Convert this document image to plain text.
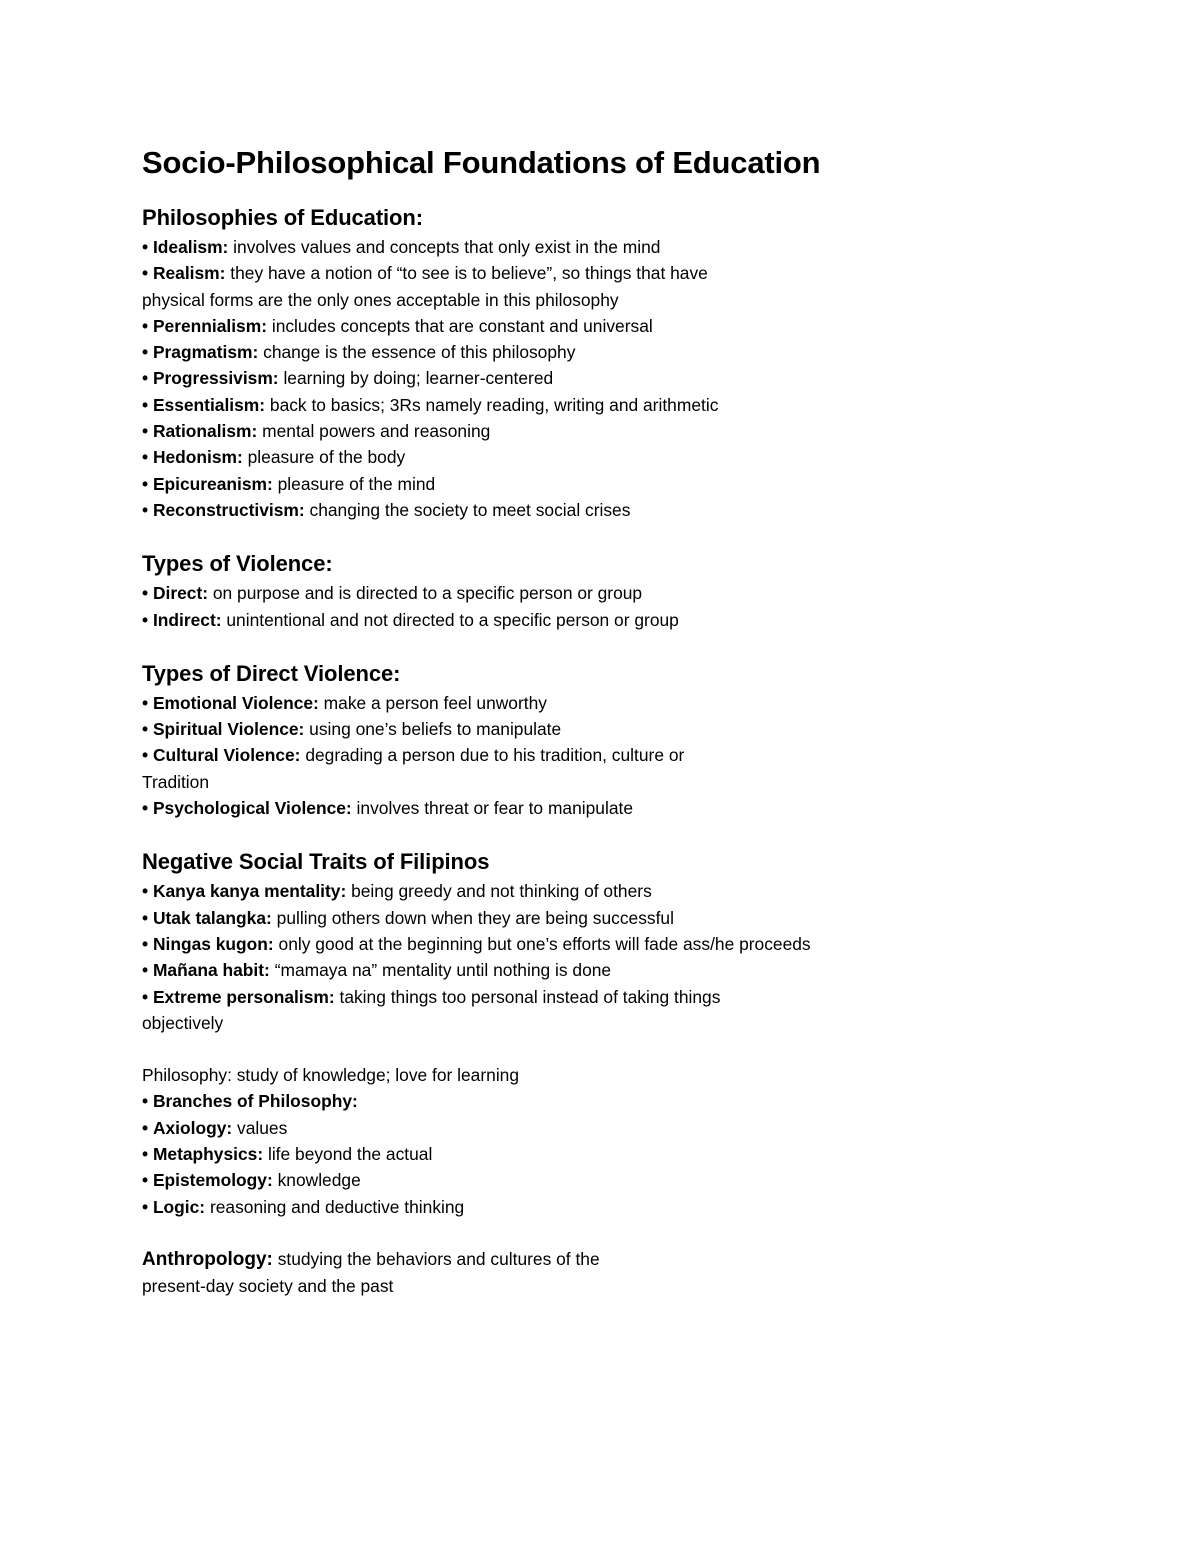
Socio-Philosophical Foundations of Education
Philosophies of Education:

• Idealism: involves values and concepts that only exist in the mind

• Realism: they have a notion of “to see is to believe”, so things that have

physical forms are the only ones acceptable in this philosophy

• Perennialism: includes concepts that are constant and universal

• Pragmatism: change is the essence of this philosophy

• Progressivism: learning by doing; learner-centered

• Essentialism: back to basics; 3Rs namely reading, writing and arithmetic

• Rationalism: mental powers and reasoning

• Hedonism: pleasure of the body

• Epicureanism: pleasure of the mind

• Reconstructivism: changing the society to meet social crises

Types of Violence:

• Direct: on purpose and is directed to a specific person or group

• Indirect: unintentional and not directed to a specific person or group

Types of Direct Violence:

• Emotional Violence: make a person feel unworthy

• Spiritual Violence: using one’s beliefs to manipulate

• Cultural Violence: degrading a person due to his tradition, culture or

Tradition

• Psychological Violence: involves threat or fear to manipulate

Negative Social Traits of Filipinos

• Kanya kanya mentality: being greedy and not thinking of others

• Utak talangka: pulling others down when they are being successful

• Ningas kugon: only good at the beginning but one’s efforts will fade ass/he proceeds

• Mañana habit: “mamaya na” mentality until nothing is done

• Extreme personalism: taking things too personal instead of taking things

objectively

Philosophy: study of knowledge; love for learning

• Branches of Philosophy:

• Axiology: values

• Metaphysics: life beyond the actual

• Epistemology: knowledge

• Logic: reasoning and deductive thinking

Anthropology: studying the behaviors and cultures of the

present-day society and the past
